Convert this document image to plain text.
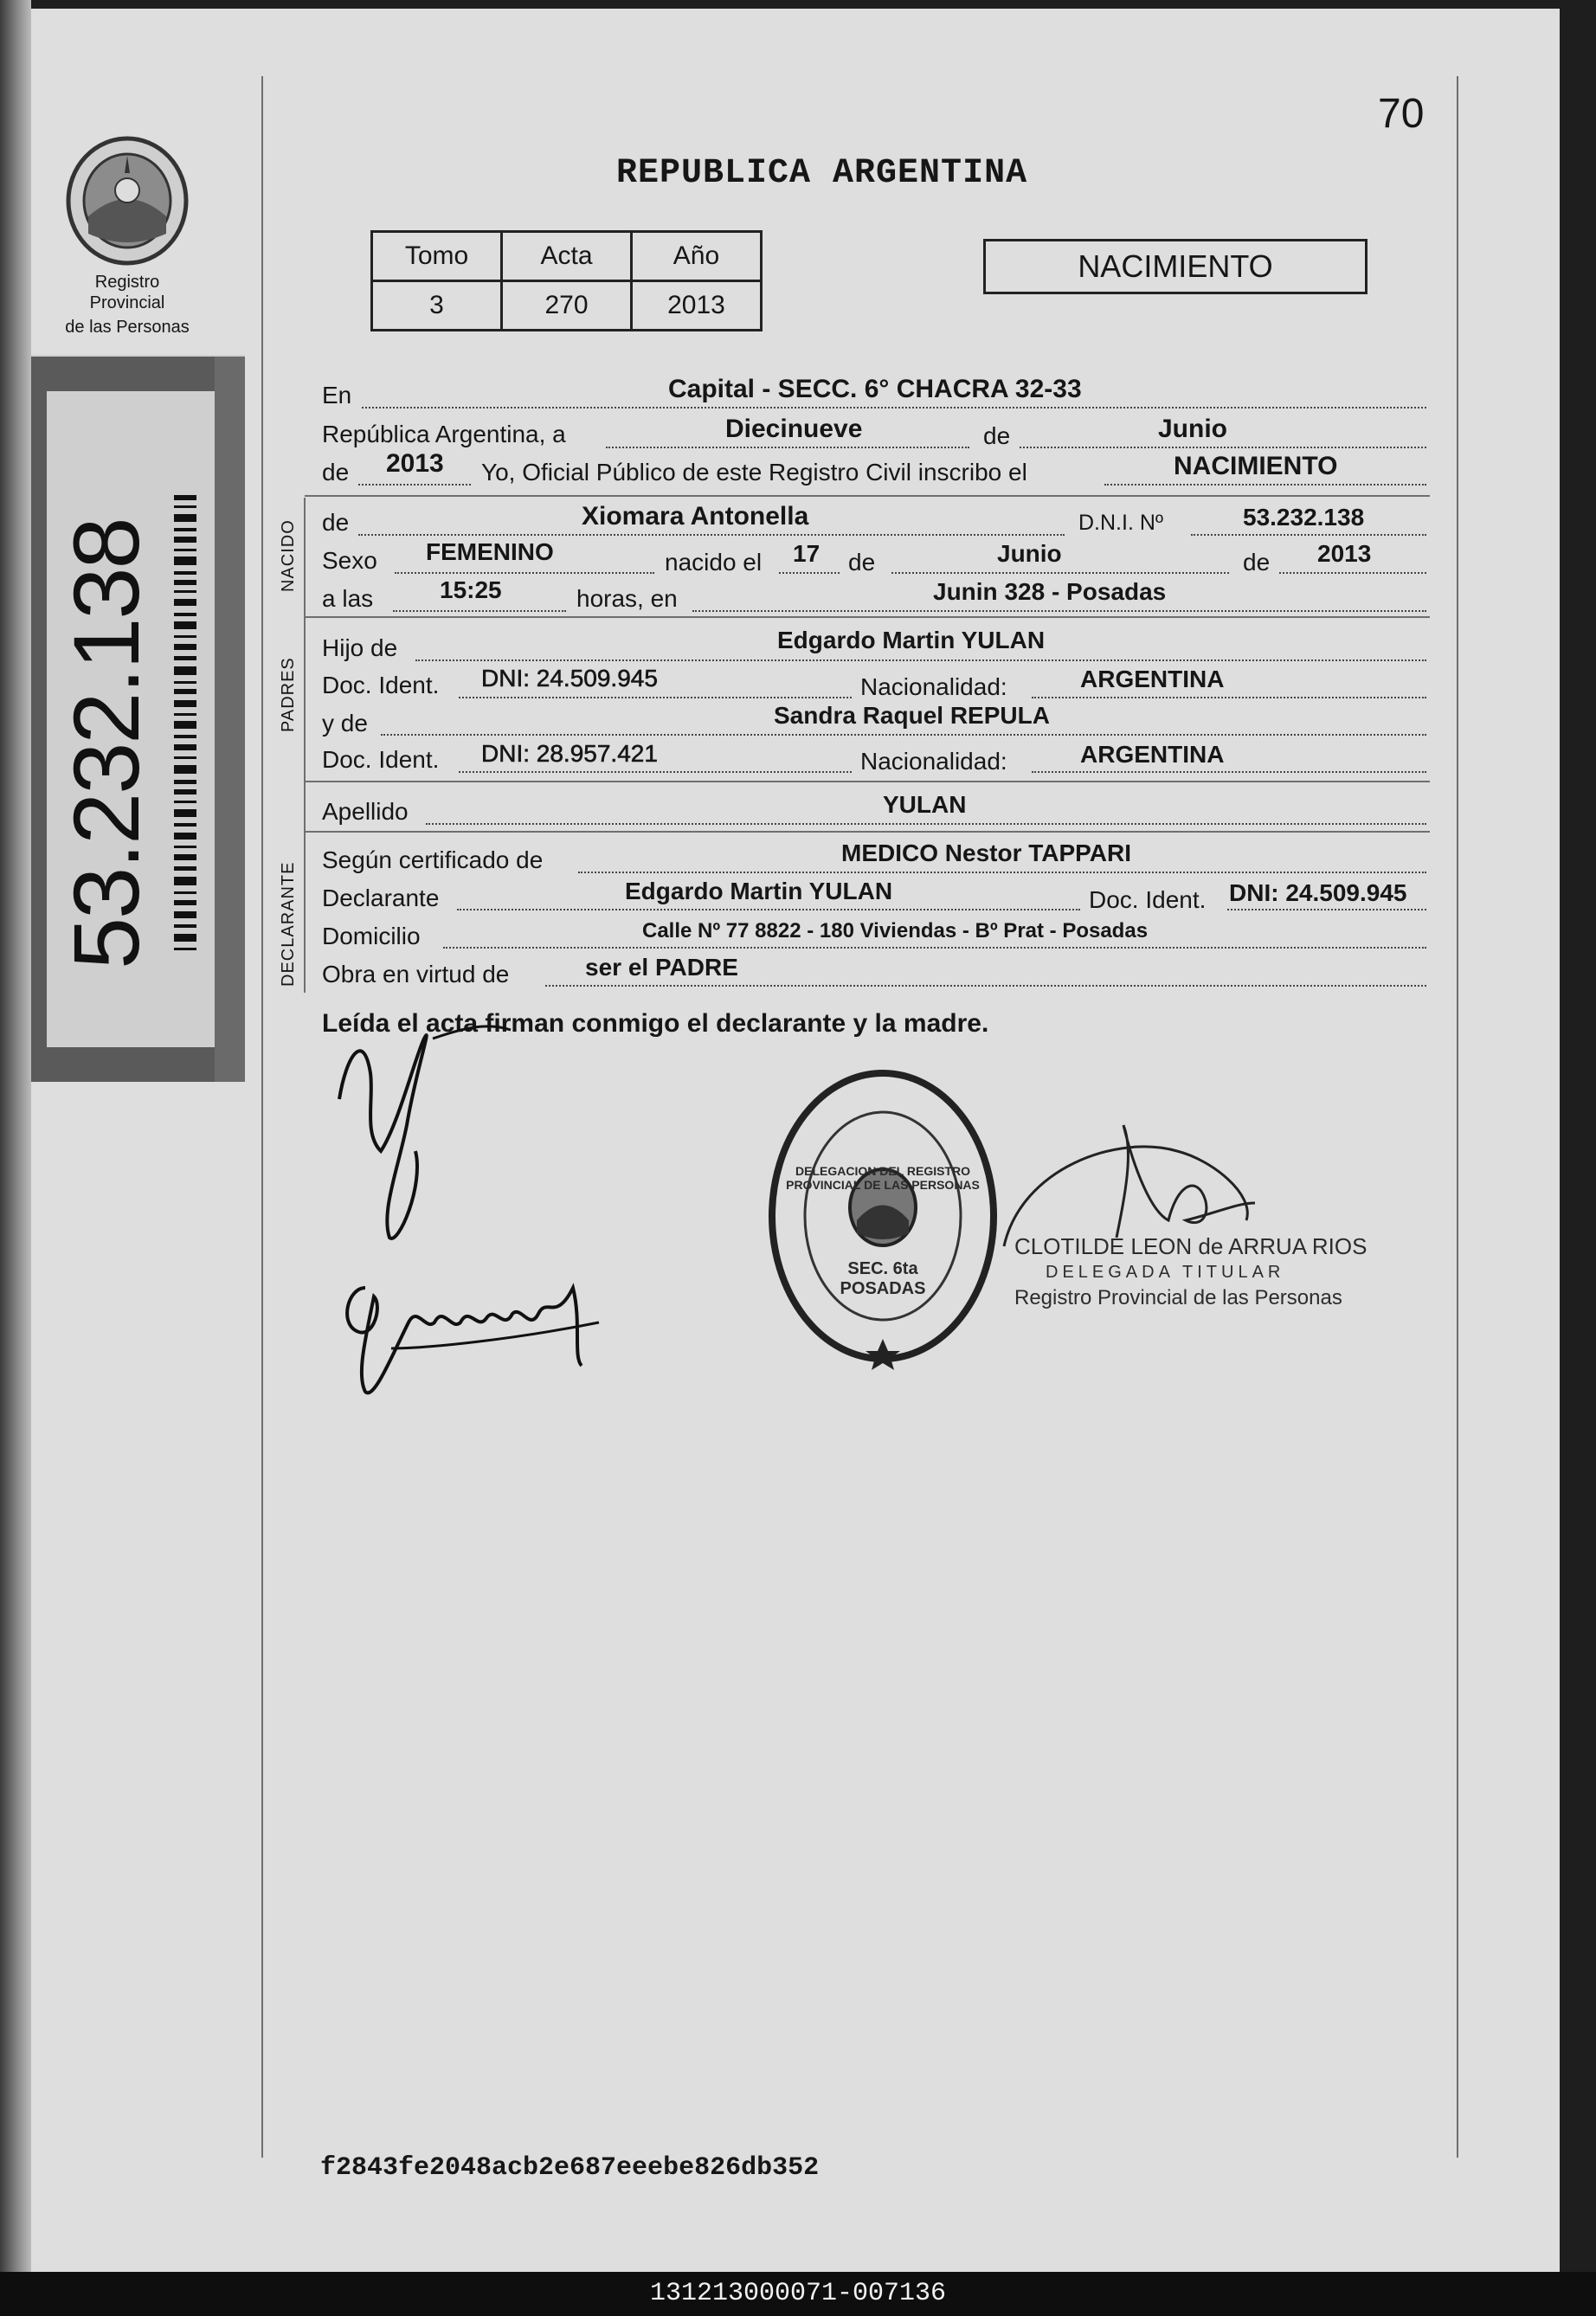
70
REPUBLICA ARGENTINA
Registro Provincial
de las Personas
53.232.138
Tomo	Acta	Año
3	270	2013
NACIMIENTO
NACIDO
PADRES
DECLARANTE
En	Capital - SECC. 6° CHACRA 32-33
República Argentina, a	Diecinueve	de	Junio
de 2013 Yo, Oficial Público de este Registro Civil inscribo el	NACIMIENTO
de	Xiomara Antonella	D.N.I. Nº	53.232.138
Sexo FEMENINO	nacido el 17 de	Junio	de 2013
a las	15:25	horas, en	Junin 328 - Posadas
Hijo de	Edgardo Martin YULAN
Doc. Ident. DNI: 24.509.945	Nacionalidad:	ARGENTINA
y de	Sandra Raquel REPULA
Doc. Ident. DNI: 28.957.421	Nacionalidad:	ARGENTINA
Apellido	YULAN
Según certificado de	MEDICO Nestor TAPPARI
Declarante	Edgardo Martin YULAN	Doc. Ident. DNI: 24.509.945
Domicilio	Calle Nº 77 8822 - 180 Viviendas - Bº Prat - Posadas
Obra en virtud de	ser el PADRE
Leída el acta firman conmigo el declarante y la madre.
DELEGACION DEL REGISTRO PROVINCIAL DE LAS PERSONAS
SEC. 6ta POSADAS
CLOTILDE LEON de ARRUA RIOS
DELEGADA TITULAR
Registro Provincial de las Personas
f2843fe2048acb2e687eeebe826db352
131213000071-007136
